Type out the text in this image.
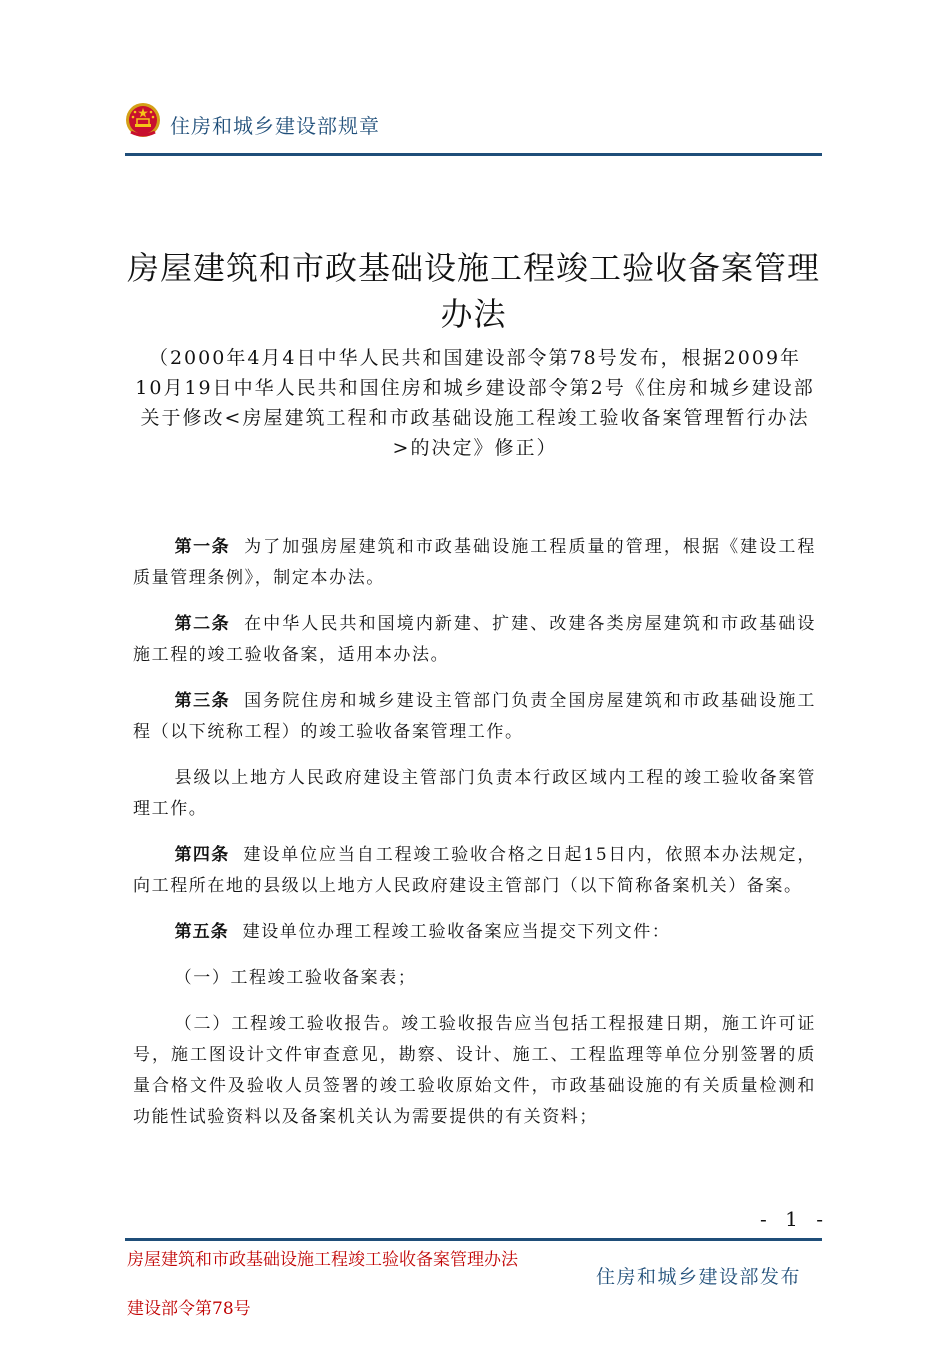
住房和城乡建设部规章
房屋建筑和市政基础设施工程竣工验收备案管理办法
（2000年4月4日中华人民共和国建设部令第78号发布，根据2009年10月19日中华人民共和国住房和城乡建设部令第2号《住房和城乡建设部关于修改<房屋建筑工程和市政基础设施工程竣工验收备案管理暂行办法>的决定》修正）

第一条 为了加强房屋建筑和市政基础设施工程质量的管理，根据《建设工程质量管理条例》，制定本办法。

第二条 在中华人民共和国境内新建、扩建、改建各类房屋建筑和市政基础设施工程的竣工验收备案，适用本办法。

第三条 国务院住房和城乡建设主管部门负责全国房屋建筑和市政基础设施工程（以下统称工程）的竣工验收备案管理工作。

县级以上地方人民政府建设主管部门负责本行政区域内工程的竣工验收备案管理工作。

第四条 建设单位应当自工程竣工验收合格之日起15日内，依照本办法规定，向工程所在地的县级以上地方人民政府建设主管部门（以下简称备案机关）备案。

第五条 建设单位办理工程竣工验收备案应当提交下列文件：

（一）工程竣工验收备案表；

（二）工程竣工验收报告。竣工验收报告应当包括工程报建日期，施工许可证号，施工图设计文件审查意见，勘察、设计、施工、工程监理等单位分别签署的质量合格文件及验收人员签署的竣工验收原始文件，市政基础设施的有关质量检测和功能性试验资料以及备案机关认为需要提供的有关资料；

- 1 -
房屋建筑和市政基础设施工程竣工验收备案管理办法
建设部令第78号
住房和城乡建设部发布
